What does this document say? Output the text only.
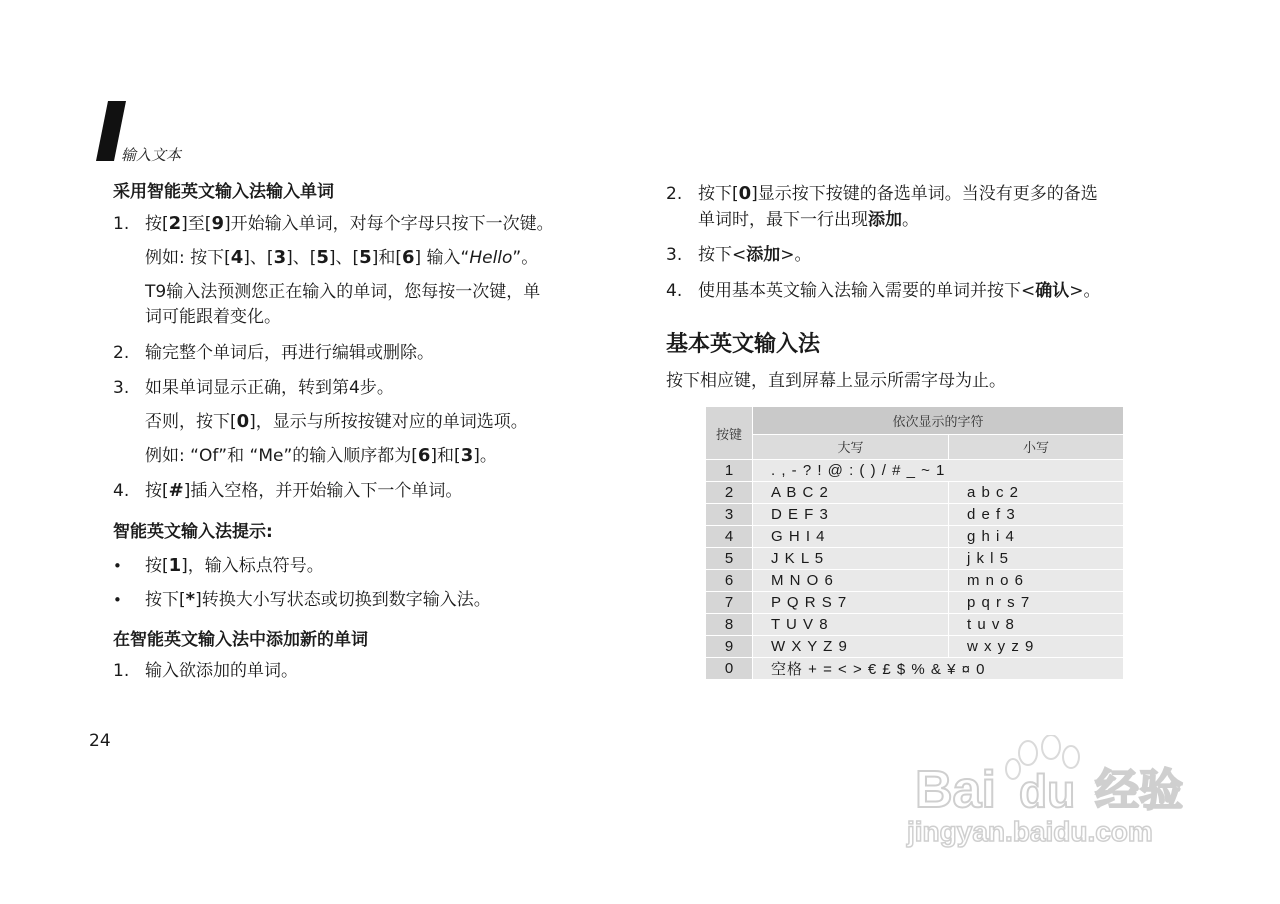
输入文本
采用智能英文输入法输入单词
1. 按[2]至[9]开始输入单词，对每个字母只按下一次键。
例如: 按下[4]、[3]、[5]、[5]和[6] 输入“Hello”。
T9输入法预测您正在输入的单词，您每按一次键，单
词可能跟着变化。
2. 输完整个单词后，再进行编辑或删除。
3. 如果单词显示正确，转到第4步。
否则，按下[0]，显示与所按按键对应的单词选项。
例如: “Of”和 “Me”的输入顺序都为[6]和[3]。
4. 按[#]插入空格，并开始输入下一个单词。
智能英文输入法提示:
• 按[1]，输入标点符号。
• 按下[*]转换大小写状态或切换到数字输入法。
在智能英文输入法中添加新的单词
1. 输入欲添加的单词。
24
2. 按下[0]显示按下按键的备选单词。当没有更多的备选
单词时，最下一行出现添加。
3. 按下<添加>。
4. 使用基本英文输入法输入需要的单词并按下<确认>。
基本英文输入法
按下相应键，直到屏幕上显示所需字母为止。
按键	依次显示的字符	
	大写	小写
1	. , - ? ! @ : ( ) / # _ ~ 1	
2	A B C 2	a b c 2
3	D E F 3	d e f 3
4	G H I 4	g h i 4
5	J K L 5	j k l 5
6	M N O 6	m n o 6
7	P Q R S 7	p q r s 7
8	T U V 8	t u v 8
9	W X Y Z 9	w x y z 9
0	空格 + = < > € £ $ % & ¥ ¤ 0	
Bai du 经验
jingyan.baidu.com
